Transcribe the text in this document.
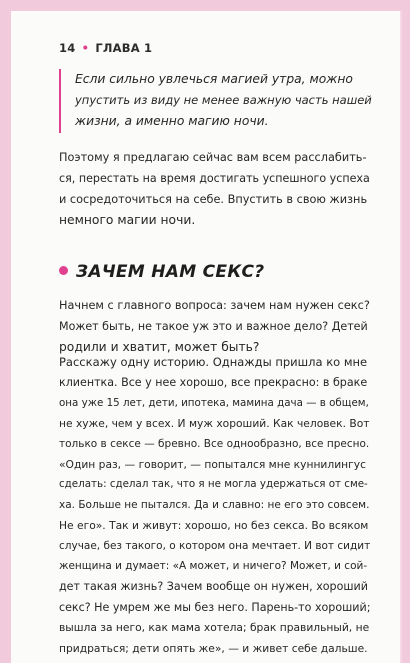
14 • ГЛАВА 1
Если сильно увлечься магией утра, можно
упустить из виду не менее важную часть нашей
жизни, а именно магию ночи.
Поэтому я предлагаю сейчас вам всем расслабить-
ся, перестать на время достигать успешного успеха
и сосредоточиться на себе. Впустить в свою жизнь
немного магии ночи.
ЗАЧЕМ НАМ СЕКС?
Начнем с главного вопроса: зачем нам нужен секс?
Может быть, не такое уж это и важное дело? Детей
родили и хватит, может быть?
Расскажу одну историю. Однажды пришла ко мне
клиентка. Все у нее хорошо, все прекрасно: в браке
она уже 15 лет, дети, ипотека, мамина дача — в общем,
не хуже, чем у всех. И муж хороший. Как человек. Вот
только в сексе — бревно. Все однообразно, все пресно.
«Один раз, — говорит, — попытался мне куннилингус
сделать: сделал так, что я не могла удержаться от сме-
ха. Больше не пытался. Да и славно: не его это совсем.
Не его». Так и живут: хорошо, но без секса. Во всяком
случае, без такого, о котором она мечтает. И вот сидит
женщина и думает: «А может, и ничего? Может, и сой-
дет такая жизнь? Зачем вообще он нужен, хороший
секс? Не умрем же мы без него. Парень-то хороший;
вышла за него, как мама хотела; брак правильный, не
придраться; дети опять же», — и живет себе дальше.
